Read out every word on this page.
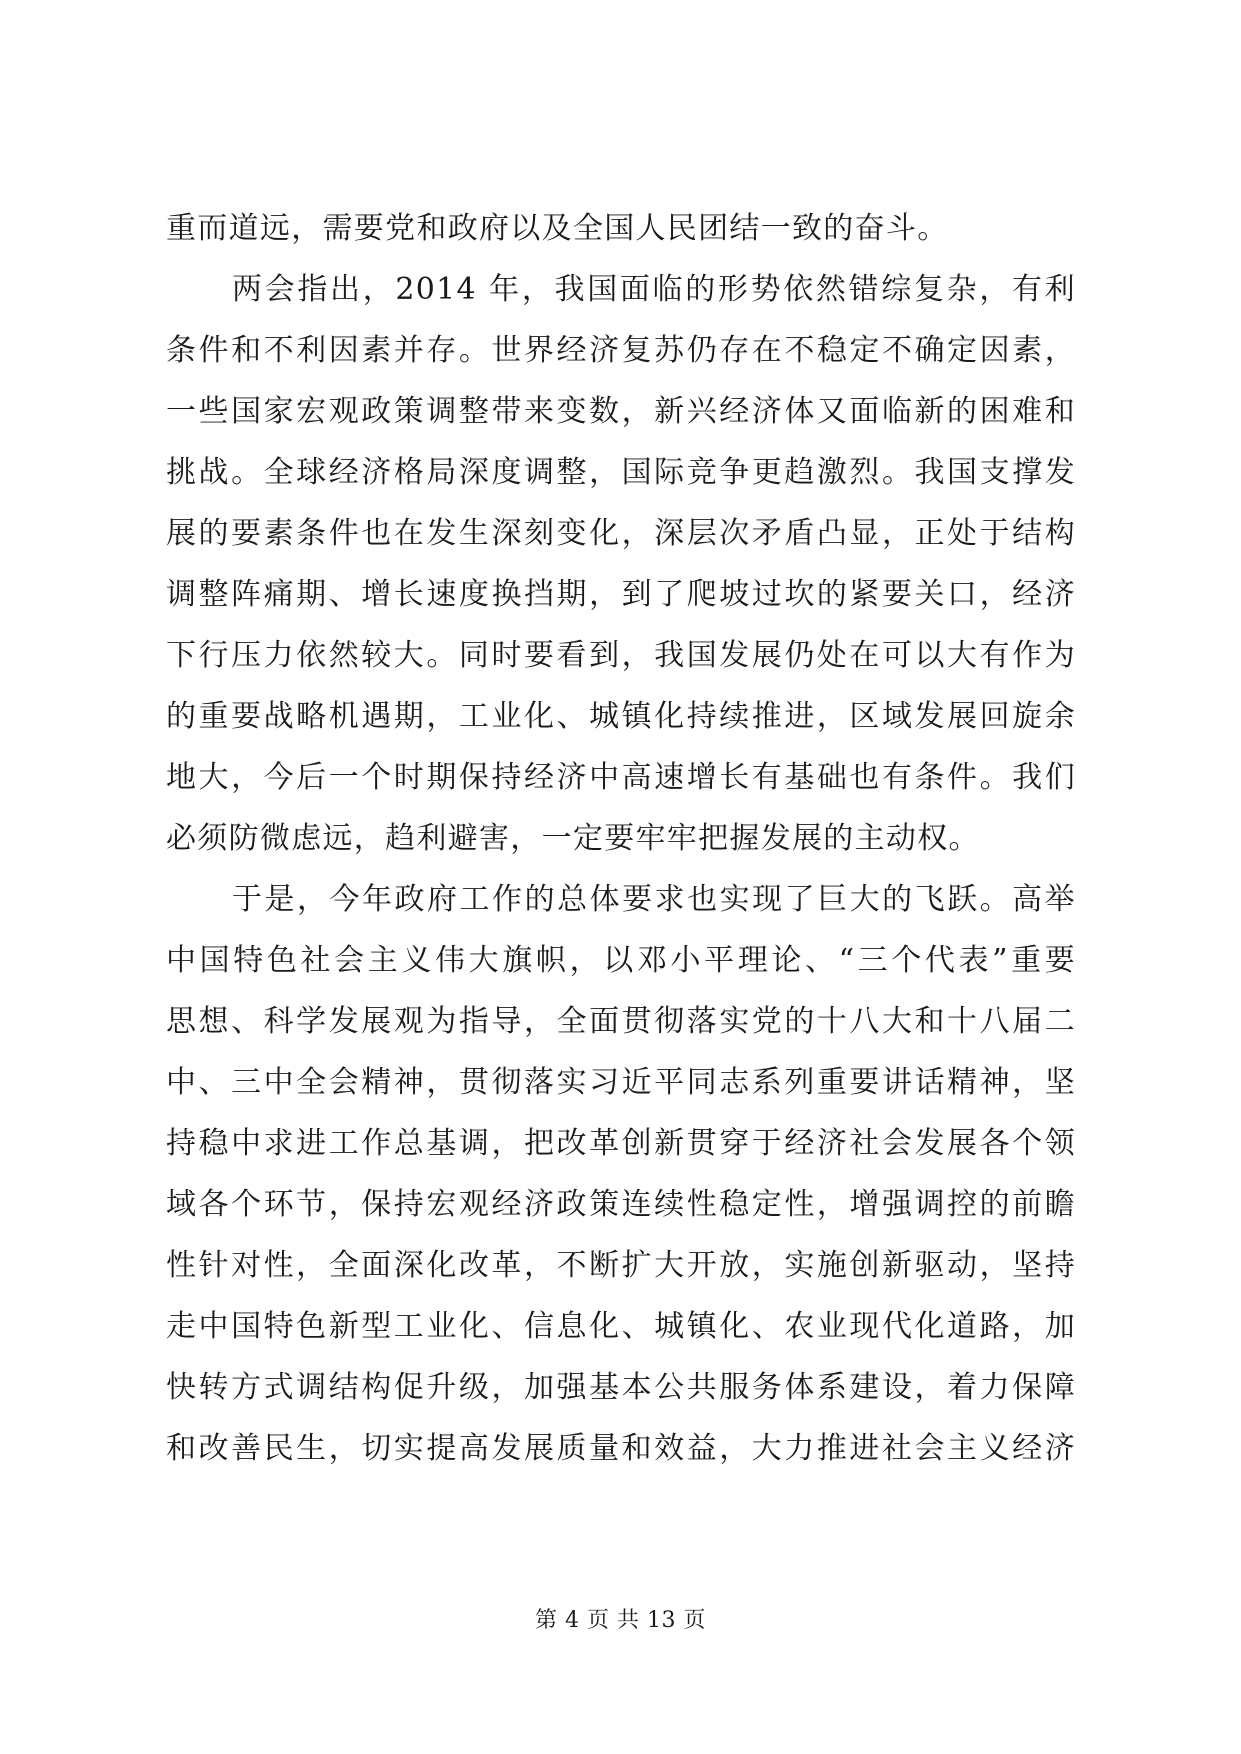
重而道远，需要党和政府以及全国人民团结一致的奋斗。
两会指出，2014 年，我国面临的形势依然错综复杂，有利
条件和不利因素并存。世界经济复苏仍存在不稳定不确定因素，
一些国家宏观政策调整带来变数，新兴经济体又面临新的困难和
挑战。全球经济格局深度调整，国际竞争更趋激烈。我国支撑发
展的要素条件也在发生深刻变化，深层次矛盾凸显，正处于结构
调整阵痛期、增长速度换挡期，到了爬坡过坎的紧要关口，经济
下行压力依然较大。同时要看到，我国发展仍处在可以大有作为
的重要战略机遇期，工业化、城镇化持续推进，区域发展回旋余
地大，今后一个时期保持经济中高速增长有基础也有条件。我们
必须防微虑远，趋利避害，一定要牢牢把握发展的主动权。
于是，今年政府工作的总体要求也实现了巨大的飞跃。高举
中国特色社会主义伟大旗帜，以邓小平理论、“三个代表”重要
思想、科学发展观为指导，全面贯彻落实党的十八大和十八届二
中、三中全会精神，贯彻落实习近平同志系列重要讲话精神，坚
持稳中求进工作总基调，把改革创新贯穿于经济社会发展各个领
域各个环节，保持宏观经济政策连续性稳定性，增强调控的前瞻
性针对性，全面深化改革，不断扩大开放，实施创新驱动，坚持
走中国特色新型工业化、信息化、城镇化、农业现代化道路，加
快转方式调结构促升级，加强基本公共服务体系建设，着力保障
和改善民生，切实提高发展质量和效益，大力推进社会主义经济
第 4 页 共 13 页
